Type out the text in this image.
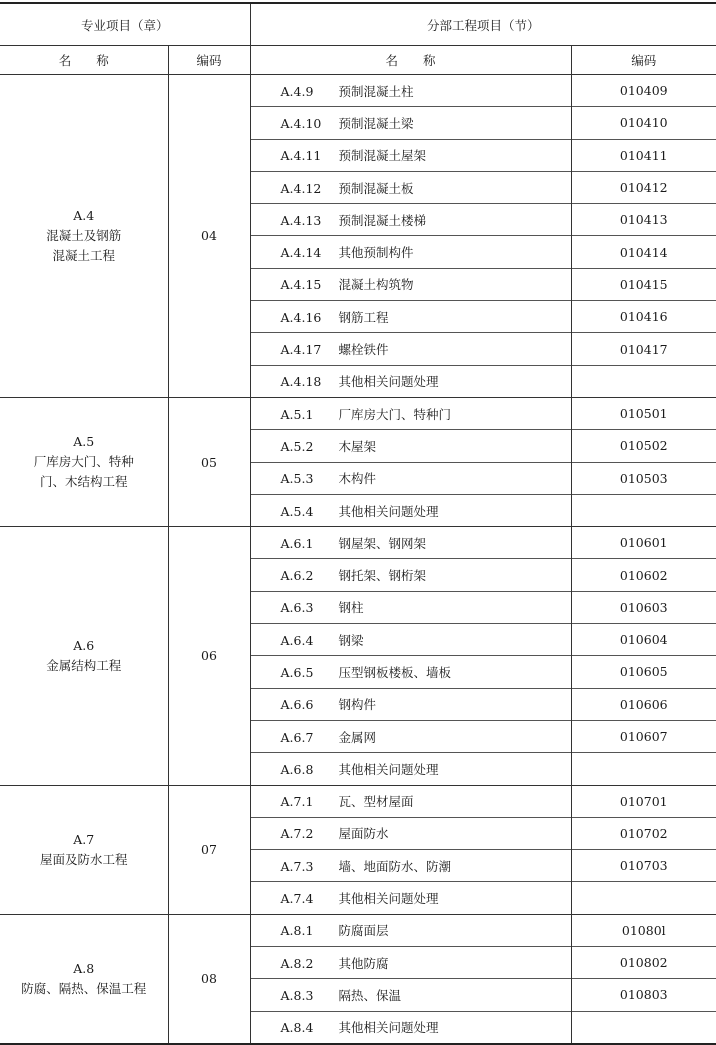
专业项目（章）		分部工程项目（节）	
名　　称	编码	名　　称	编码

A.4
混凝土及钢筋
混凝土工程	04	A.4.9 预制混凝土柱	010409
		A.4.10 预制混凝土梁	010410
		A.4.11 预制混凝土屋架	010411
		A.4.12 预制混凝土板	010412
		A.4.13 预制混凝土楼梯	010413
		A.4.14 其他预制构件	010414
		A.4.15 混凝土构筑物	010415
		A.4.16 钢筋工程	010416
		A.4.17 螺栓铁件	010417
		A.4.18 其他相关问题处理	

A.5
厂库房大门、特种
门、木结构工程	05	A.5.1 厂库房大门、特种门	010501
		A.5.2 木屋架	010502
		A.5.3 木构件	010503
		A.5.4 其他相关问题处理	

A.6
金属结构工程	06	A.6.1 钢屋架、钢网架	010601
		A.6.2 钢托架、钢桁架	010602
		A.6.3 钢柱	010603
		A.6.4 钢梁	010604
		A.6.5 压型钢板楼板、墙板	010605
		A.6.6 钢构件	010606
		A.6.7 金属网	010607
		A.6.8 其他相关问题处理	

A.7
屋面及防水工程	07	A.7.1 瓦、型材屋面	010701
		A.7.2 屋面防水	010702
		A.7.3 墙、地面防水、防潮	010703
		A.7.4 其他相关问题处理	

A.8
防腐、隔热、保温工程	08	A.8.1 防腐面层	01080l
		A.8.2 其他防腐	010802
		A.8.3 隔热、保温	010803
		A.8.4 其他相关问题处理	
